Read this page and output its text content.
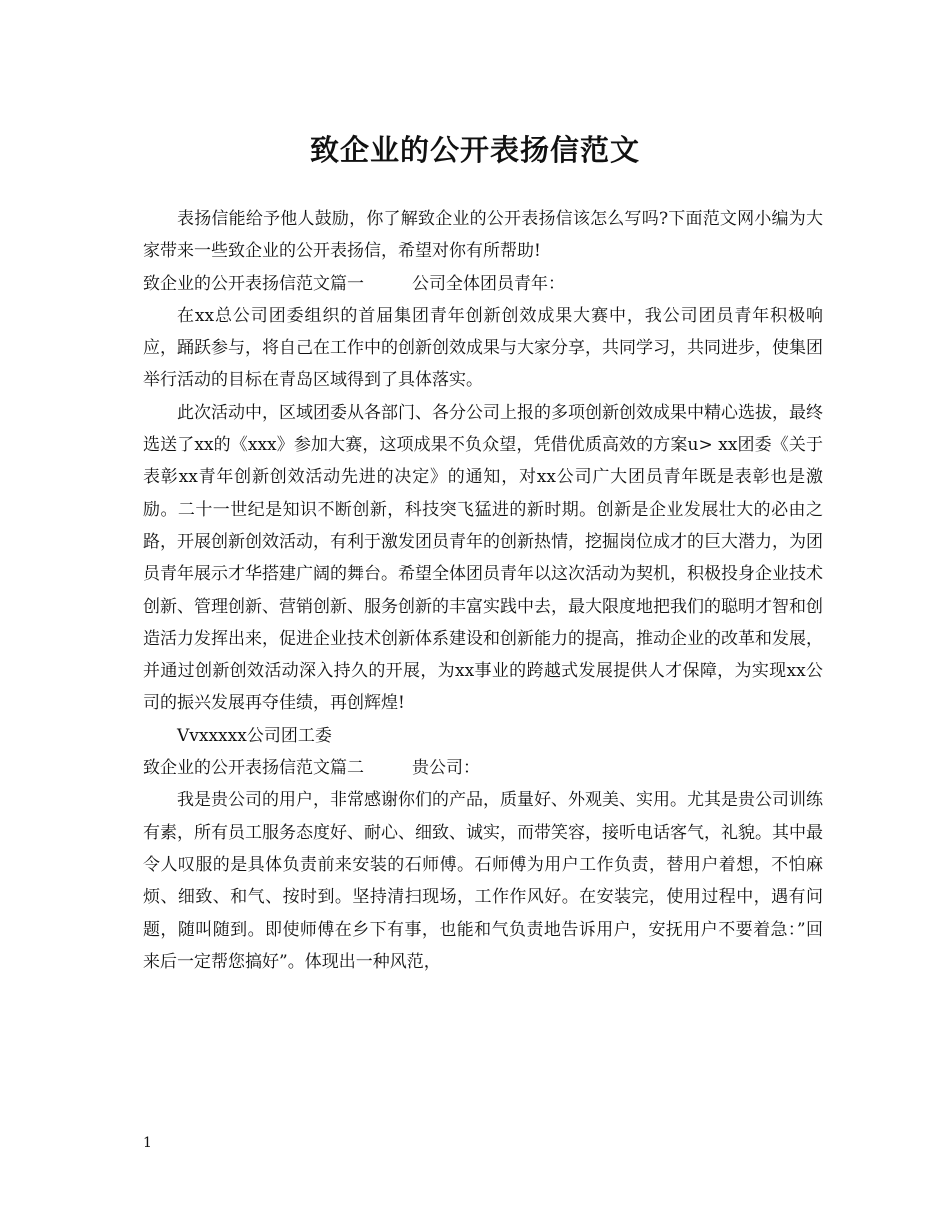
致企业的公开表扬信范文

表扬信能给予他人鼓励，你了解致企业的公开表扬信该怎么写吗?下面范文网小编为大家带来一些致企业的公开表扬信，希望对你有所帮助!

致企业的公开表扬信范文篇一	公司全体团员青年：

在xx总公司团委组织的首届集团青年创新创效成果大赛中，我公司团员青年积极响应，踊跃参与，将自己在工作中的创新创效成果与大家分享，共同学习，共同进步，使集团举行活动的目标在青岛区域得到了具体落实。

此次活动中，区域团委从各部门、各分公司上报的多项创新创效成果中精心选拔，最终选送了xx的《xxx》参加大赛，这项成果不负众望，凭借优质高效的方案u> xx团委《关于表彰xx青年创新创效活动先进的决定》的通知，对xx公司广大团员青年既是表彰也是激励。二十一世纪是知识不断创新，科技突飞猛进的新时期。创新是企业发展壮大的必由之路，开展创新创效活动，有利于激发团员青年的创新热情，挖掘岗位成才的巨大潜力，为团员青年展示才华搭建广阔的舞台。希望全体团员青年以这次活动为契机，积极投身企业技术创新、管理创新、营销创新、服务创新的丰富实践中去，最大限度地把我们的聪明才智和创造活力发挥出来，促进企业技术创新体系建设和创新能力的提高，推动企业的改革和发展，并通过创新创效活动深入持久的开展，为xx事业的跨越式发展提供人才保障，为实现xx公司的振兴发展再夺佳绩，再创辉煌!

Vvxxxxx公司团工委

致企业的公开表扬信范文篇二	贵公司：

我是贵公司的用户，非常感谢你们的产品，质量好、外观美、实用。尤其是贵公司训练有素，所有员工服务态度好、耐心、细致、诚实，而带笑容，接听电话客气，礼貌。其中最令人叹服的是具体负责前来安装的石师傅。石师傅为用户工作负责，替用户着想，不怕麻烦、细致、和气、按时到。坚持清扫现场，工作作风好。在安装完，使用过程中，遇有问题，随叫随到。即使师傅在乡下有事，也能和气负责地告诉用户，安抚用户不要着急：”回来后一定帮您搞好”。体现出一种风范，

1
